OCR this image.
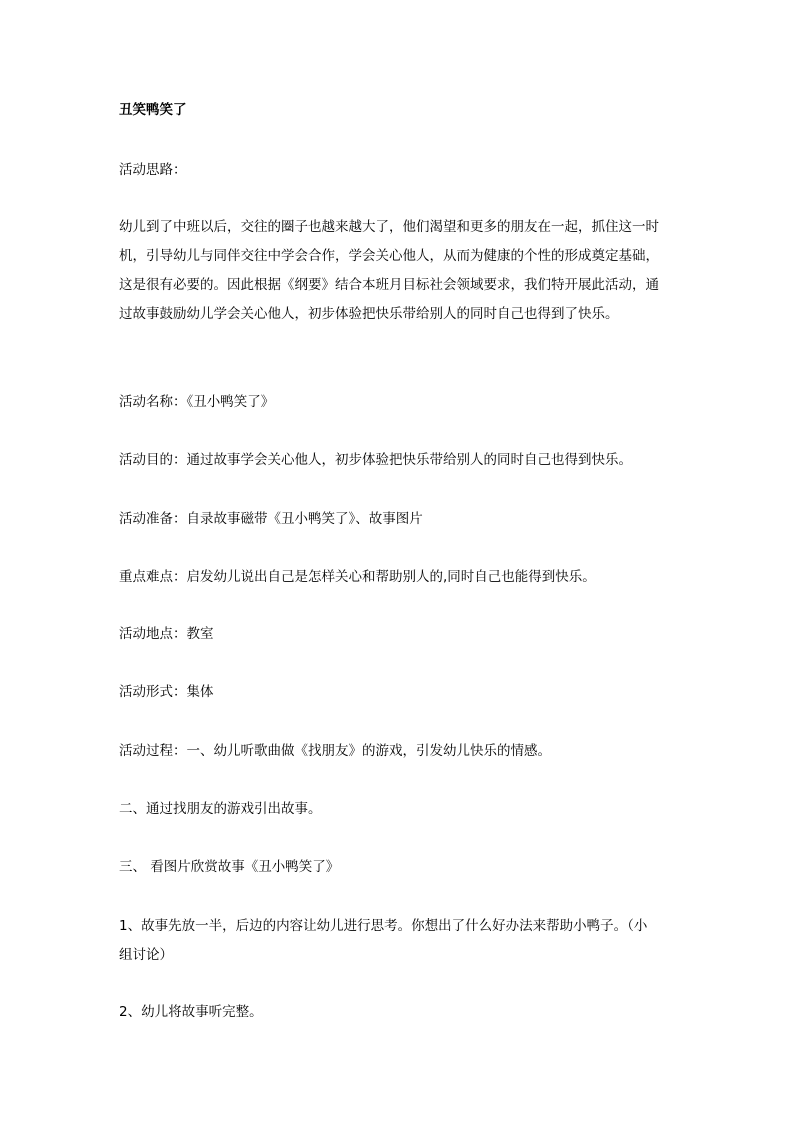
丑笑鸭笑了

活动思路：

幼儿到了中班以后，交往的圈子也越来越大了，他们渴望和更多的朋友在一起，抓住这一时
机，引导幼儿与同伴交往中学会合作，学会关心他人，从而为健康的个性的形成奠定基础，
这是很有必要的。因此根据《纲要》结合本班月目标社会领域要求，我们特开展此活动，通
过故事鼓励幼儿学会关心他人，初步体验把快乐带给别人的同时自己也得到了快乐。

活动名称：《丑小鸭笑了》

活动目的：通过故事学会关心他人，初步体验把快乐带给别人的同时自己也得到快乐。

活动准备：自录故事磁带《丑小鸭笑了》、故事图片

重点难点：启发幼儿说出自己是怎样关心和帮助别人的,同时自己也能得到快乐。

活动地点：教室

活动形式：集体

活动过程：一、幼儿听歌曲做《找朋友》的游戏，引发幼儿快乐的情感。

二、通过找朋友的游戏引出故事。

三、 看图片欣赏故事《丑小鸭笑了》

1、故事先放一半，后边的内容让幼儿进行思考。你想出了什么好办法来帮助小鸭子。（小
组讨论）

2、幼儿将故事听完整。
